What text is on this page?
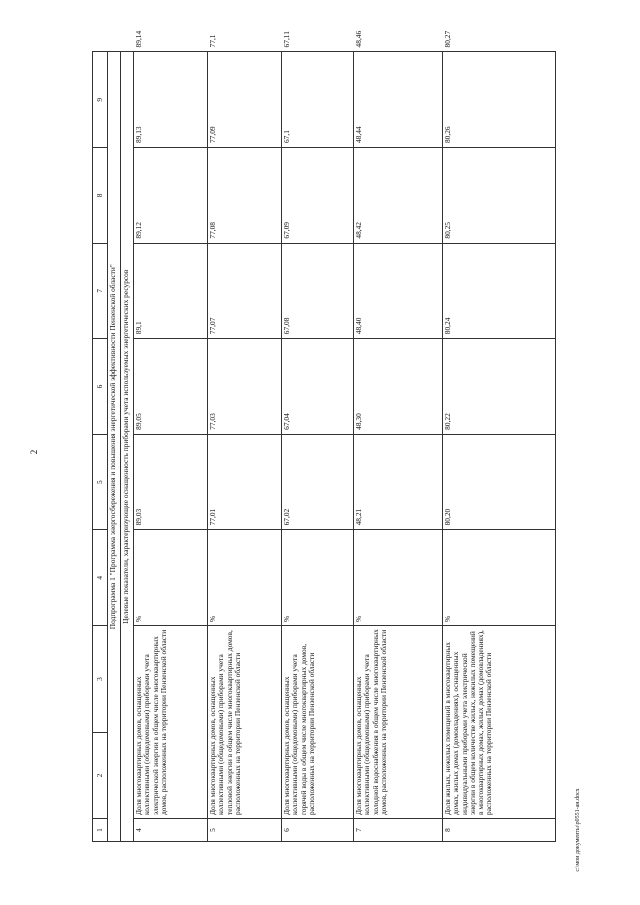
2
c:\мои документы\p0551-ан.docx
1	2	3	4	5	6	7	8	9	
Подпрограмма 1 "Программа энергосбережения и повышения энергетической эффективности Пензенской области"									
Целевые показатели, характеризующие оснащенность приборами учета используемых энергетических ресурсов									
4	Доля многоквартирных домов, оснащенных коллективными (общедомовыми) приборами учета электрической энергии в общем числе многоквартирных домов, расположенных на территории Пензенской области		%	89,03	89,05	89,1	89,12	89,13	89,14
5	Доля многоквартирных домов, оснащенных коллективными (общедомовыми) приборами учета тепловой энергии в общем числе многоквартирных домов, расположенных на территории Пензенской области		%	77,01	77,03	77,07	77,08	77,09	77,1
6	Доля многоквартирных домов, оснащенных коллективными (общедомовыми) приборами учета горячей воды в общем числе многоквартирных домов, расположенных на территории Пензенской области		%	67,02	67,04	67,08	67,09	67,1	67,11
7	Доля многоквартирных домов, оснащенных коллективными (общедомовыми) приборами учета холодной водоснабжения в общем числе многоквартирных домов, расположенных на территории Пензенской области		%	48,21	48,30	48,40	48,42	48,44	48,46
8	Доля жилых, нежилых помещений в многоквартирных домах, жилых домах (домовладениях), оснащенных индивидуальными приборами учета электрической энергии в общем количестве жилых, нежилых помещений в многоквартирных домах, жилых домах (домовладениях), расположенных на территории Пензенской области		%	80,20	80,22	80,24	80,25	80,26	80,27
